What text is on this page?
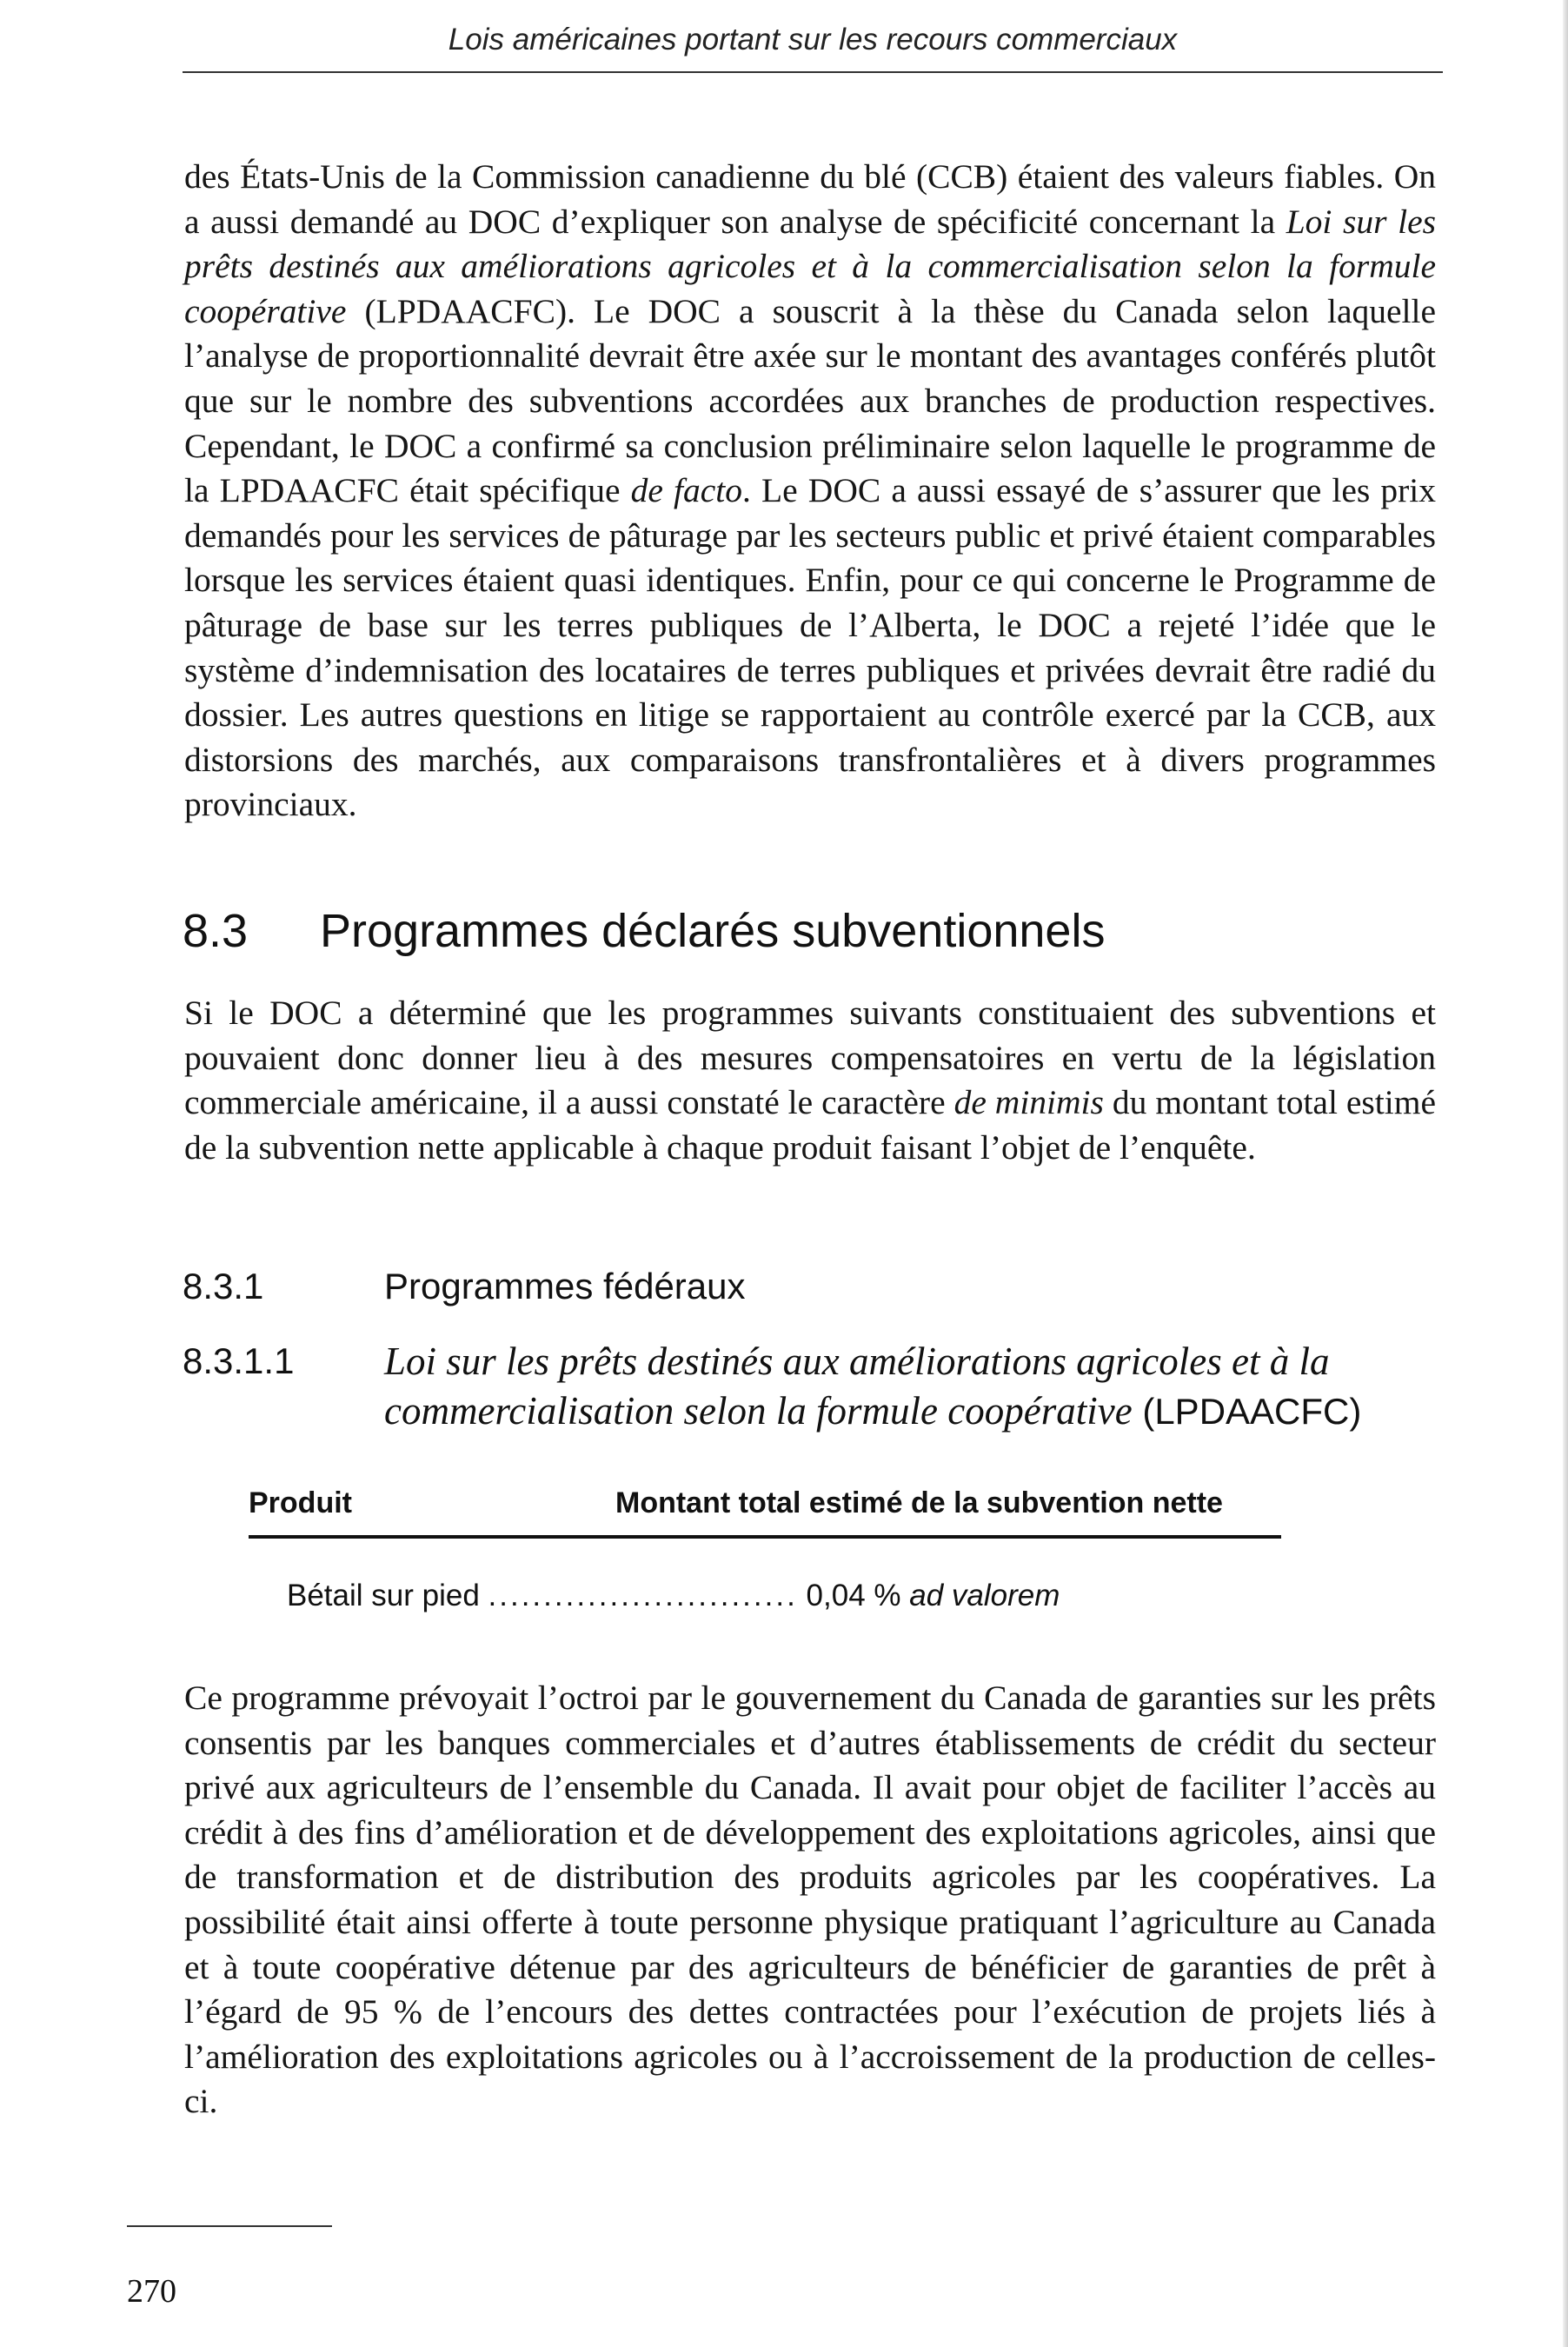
Lois américaines portant sur les recours commerciaux

des États-Unis de la Commission canadienne du blé (CCB) étaient des valeurs fiables. On a aussi demandé au DOC d’expliquer son analyse de spécificité concernant la Loi sur les prêts destinés aux améliorations agricoles et à la commercialisation selon la formule coopérative (LPDAACFC). Le DOC a souscrit à la thèse du Canada selon laquelle l’analyse de proportionnalité devrait être axée sur le montant des avantages conférés plutôt que sur le nombre des subventions accordées aux branches de production respectives. Cependant, le DOC a confirmé sa conclusion préliminaire selon laquelle le programme de la LPDAACFC était spécifique de facto. Le DOC a aussi essayé de s’assurer que les prix demandés pour les services de pâturage par les secteurs public et privé étaient comparables lorsque les services étaient quasi identiques. Enfin, pour ce qui concerne le Programme de pâturage de base sur les terres publiques de l’Alberta, le DOC a rejeté l’idée que le système d’indemnisation des locataires de terres publiques et privées devrait être radié du dossier. Les autres questions en litige se rapportaient au contrôle exercé par la CCB, aux distorsions des marchés, aux comparaisons transfrontalières et à divers programmes provinciaux.

8.3 Programmes déclarés subventionnels

Si le DOC a déterminé que les programmes suivants constituaient des subventions et pouvaient donc donner lieu à des mesures compensatoires en vertu de la législation commerciale américaine, il a aussi constaté le caractère de minimis du montant total estimé de la subvention nette applicable à chaque produit faisant l’objet de l’enquête.

8.3.1	Programmes fédéraux
8.3.1.1 Loi sur les prêts destinés aux améliorations agricoles et à la commercialisation selon la formule coopérative (LPDAACFC)
Produit	Montant total estimé de la subvention nette
Bétail sur pied ............................ 0,04 % ad valorem

Ce programme prévoyait l’octroi par le gouvernement du Canada de garanties sur les prêts consentis par les banques commerciales et d’autres établissements de crédit du secteur privé aux agriculteurs de l’ensemble du Canada. Il avait pour objet de faciliter l’accès au crédit à des fins d’amélioration et de développement des exploitations agricoles, ainsi que de transformation et de distribution des produits agricoles par les coopératives. La possibilité était ainsi offerte à toute personne physique pratiquant l’agriculture au Canada et à toute coopérative détenue par des agriculteurs de bénéficier de garanties de prêt à l’égard de 95 % de l’encours des dettes contractées pour l’exécution de projets liés à l’amélioration des exploitations agricoles ou à l’accroissement de la production de celles-ci.

270
